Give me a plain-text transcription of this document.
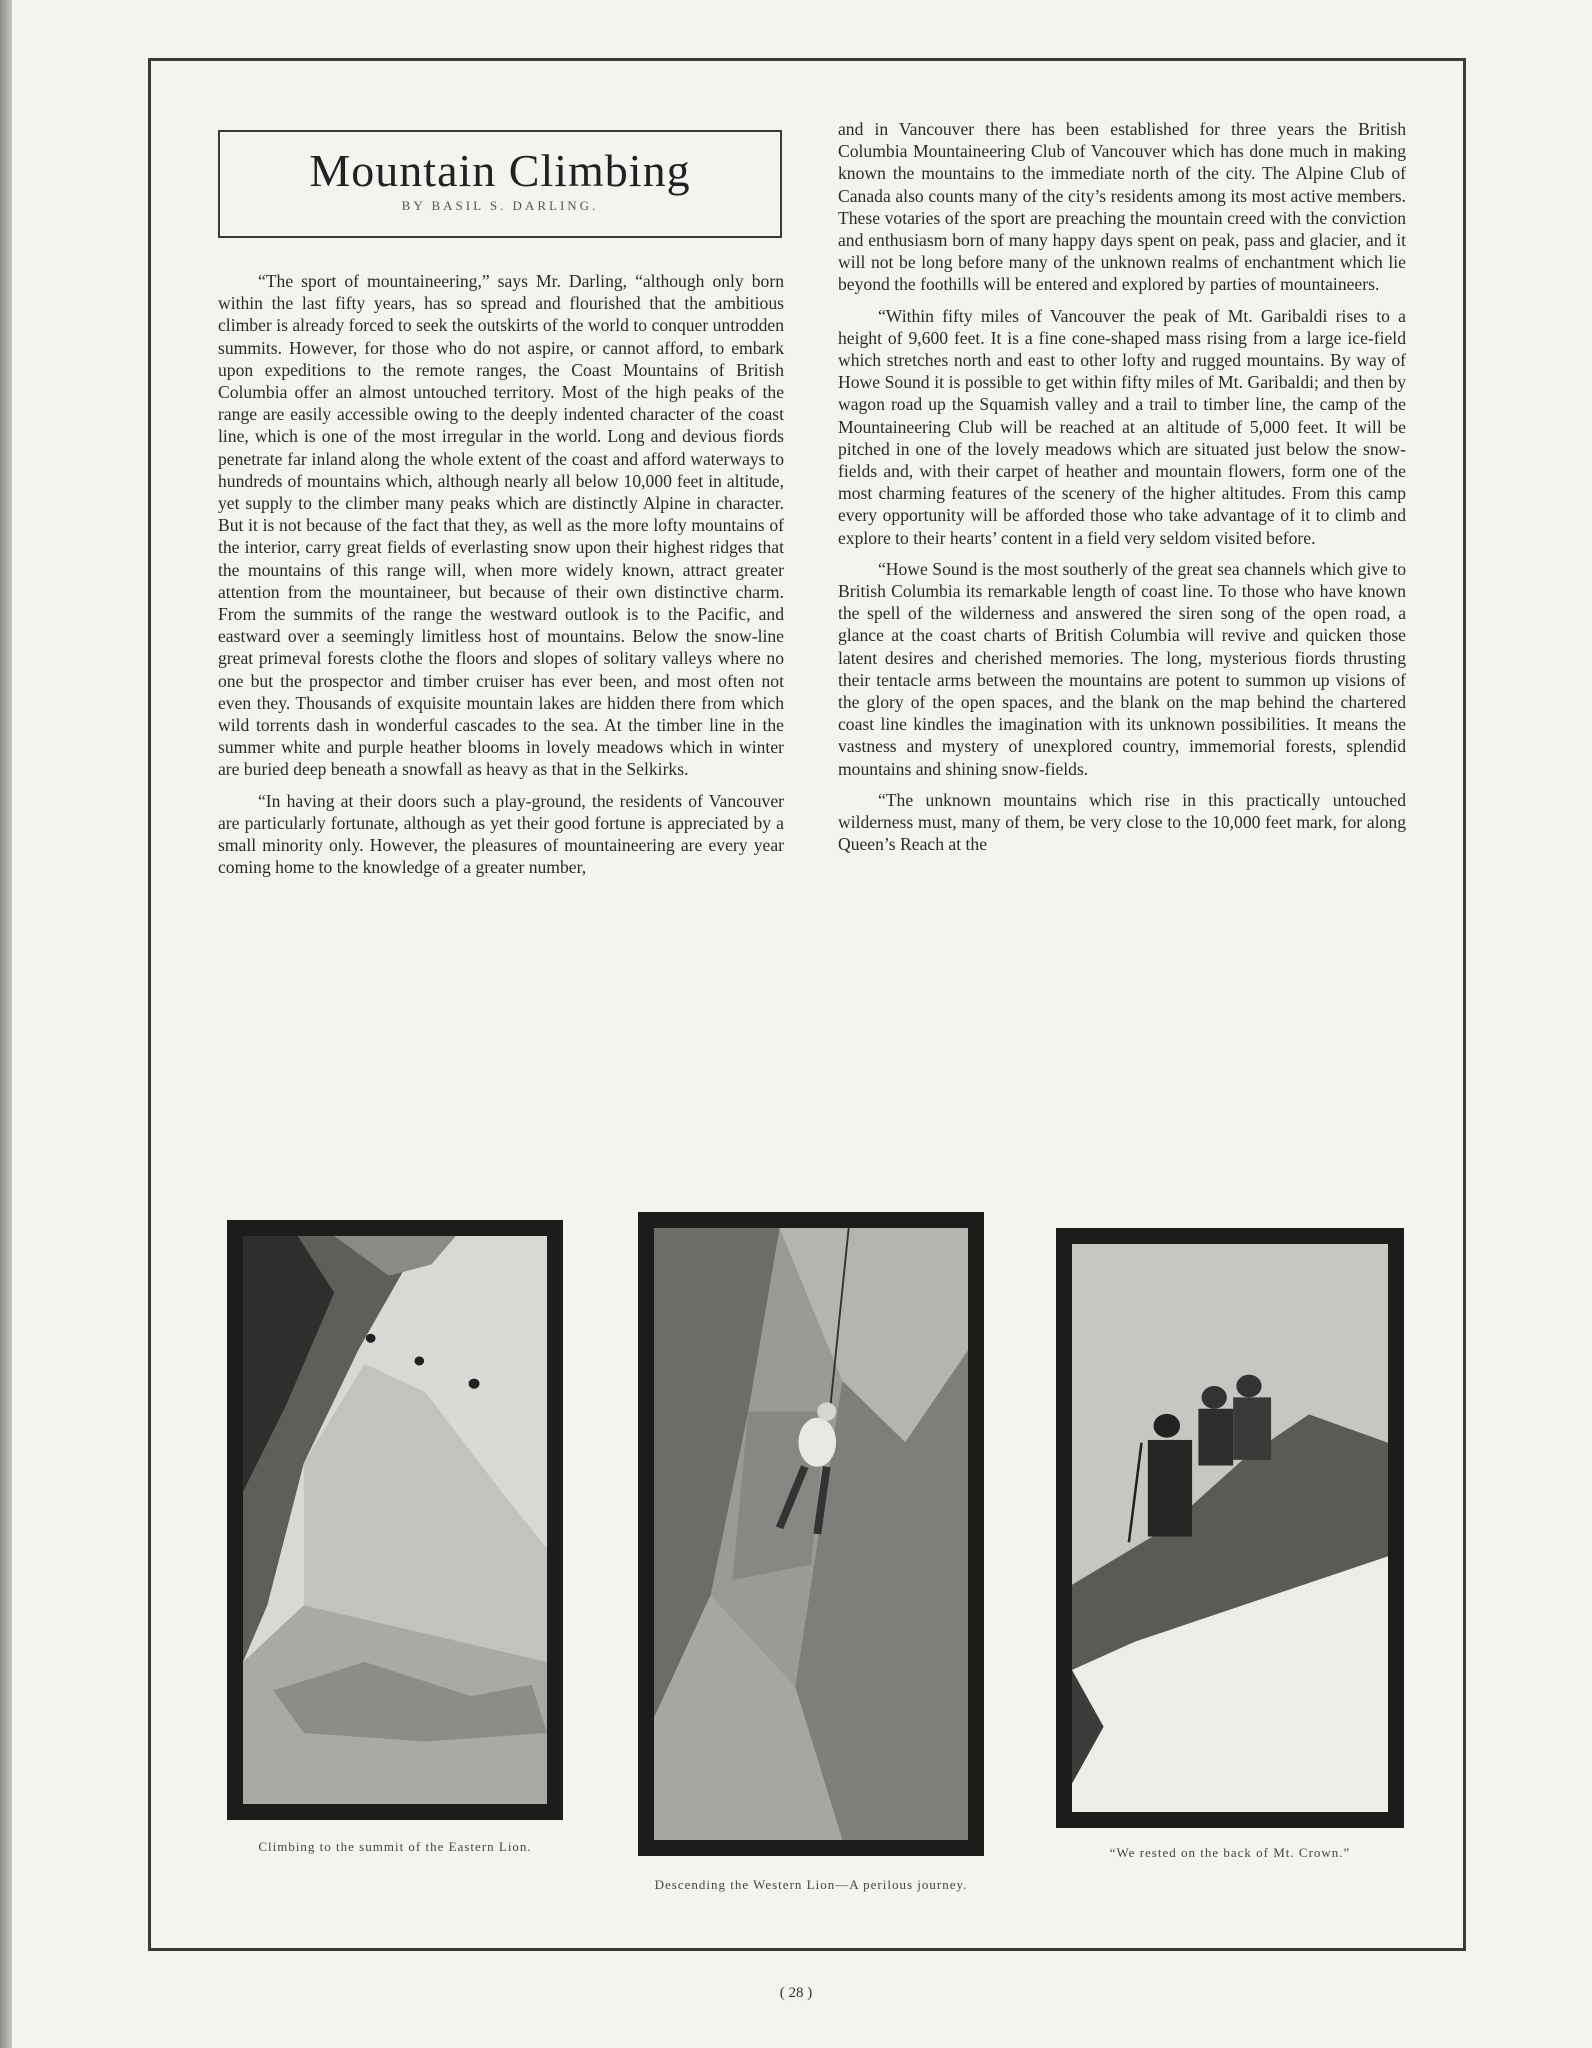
Mountain Climbing
BY BASIL S. DARLING.

“The sport of mountaineering,” says Mr. Darling, “although only born within the last fifty years, has so spread and flourished that the ambitious climber is already forced to seek the outskirts of the world to conquer untrodden summits. However, for those who do not aspire, or cannot afford, to embark upon expeditions to the remote ranges, the Coast Mountains of British Columbia offer an almost untouched territory. Most of the high peaks of the range are easily accessible owing to the deeply indented character of the coast line, which is one of the most irregular in the world. Long and devious fiords penetrate far inland along the whole extent of the coast and afford waterways to hundreds of mountains which, although nearly all below 10,000 feet in altitude, yet supply to the climber many peaks which are distinctly Alpine in character. But it is not because of the fact that they, as well as the more lofty mountains of the interior, carry great fields of everlasting snow upon their highest ridges that the mountains of this range will, when more widely known, attract greater attention from the mountaineer, but because of their own distinctive charm. From the summits of the range the westward outlook is to the Pacific, and eastward over a seemingly limitless host of mountains. Below the snow-line great primeval forests clothe the floors and slopes of solitary valleys where no one but the prospector and timber cruiser has ever been, and most often not even they. Thousands of exquisite mountain lakes are hidden there from which wild torrents dash in wonderful cascades to the sea. At the timber line in the summer white and purple heather blooms in lovely meadows which in winter are buried deep beneath a snowfall as heavy as that in the Selkirks.

“In having at their doors such a play-ground, the residents of Vancouver are particularly fortunate, although as yet their good fortune is appreciated by a small minority only. However, the pleasures of mountaineering are every year coming home to the knowledge of a greater number,

and in Vancouver there has been established for three years the British Columbia Mountaineering Club of Vancouver which has done much in making known the mountains to the immediate north of the city. The Alpine Club of Canada also counts many of the city’s residents among its most active members. These votaries of the sport are preaching the mountain creed with the conviction and enthusiasm born of many happy days spent on peak, pass and glacier, and it will not be long before many of the unknown realms of enchantment which lie beyond the foothills will be entered and explored by parties of mountaineers.

“Within fifty miles of Vancouver the peak of Mt. Garibaldi rises to a height of 9,600 feet. It is a fine cone-shaped mass rising from a large ice-field which stretches north and east to other lofty and rugged mountains. By way of Howe Sound it is possible to get within fifty miles of Mt. Garibaldi; and then by wagon road up the Squamish valley and a trail to timber line, the camp of the Mountaineering Club will be reached at an altitude of 5,000 feet. It will be pitched in one of the lovely meadows which are situated just below the snow-fields and, with their carpet of heather and mountain flowers, form one of the most charming features of the scenery of the higher altitudes. From this camp every opportunity will be afforded those who take advantage of it to climb and explore to their hearts’ content in a field very seldom visited before.

“Howe Sound is the most southerly of the great sea channels which give to British Columbia its remarkable length of coast line. To those who have known the spell of the wilderness and answered the siren song of the open road, a glance at the coast charts of British Columbia will revive and quicken those latent desires and cherished memories. The long, mysterious fiords thrusting their tentacle arms between the mountains are potent to summon up visions of the glory of the open spaces, and the blank on the map behind the chartered coast line kindles the imagination with its unknown possibilities. It means the vastness and mystery of unexplored country, immemorial forests, splendid mountains and shining snow-fields.

“The unknown mountains which rise in this practically untouched wilderness must, many of them, be very close to the 10,000 feet mark, for along Queen’s Reach at the

Climbing to the summit of the Eastern Lion.
Descending the Western Lion—A perilous journey.
“We rested on the back of Mt. Crown.”
( 28 )
